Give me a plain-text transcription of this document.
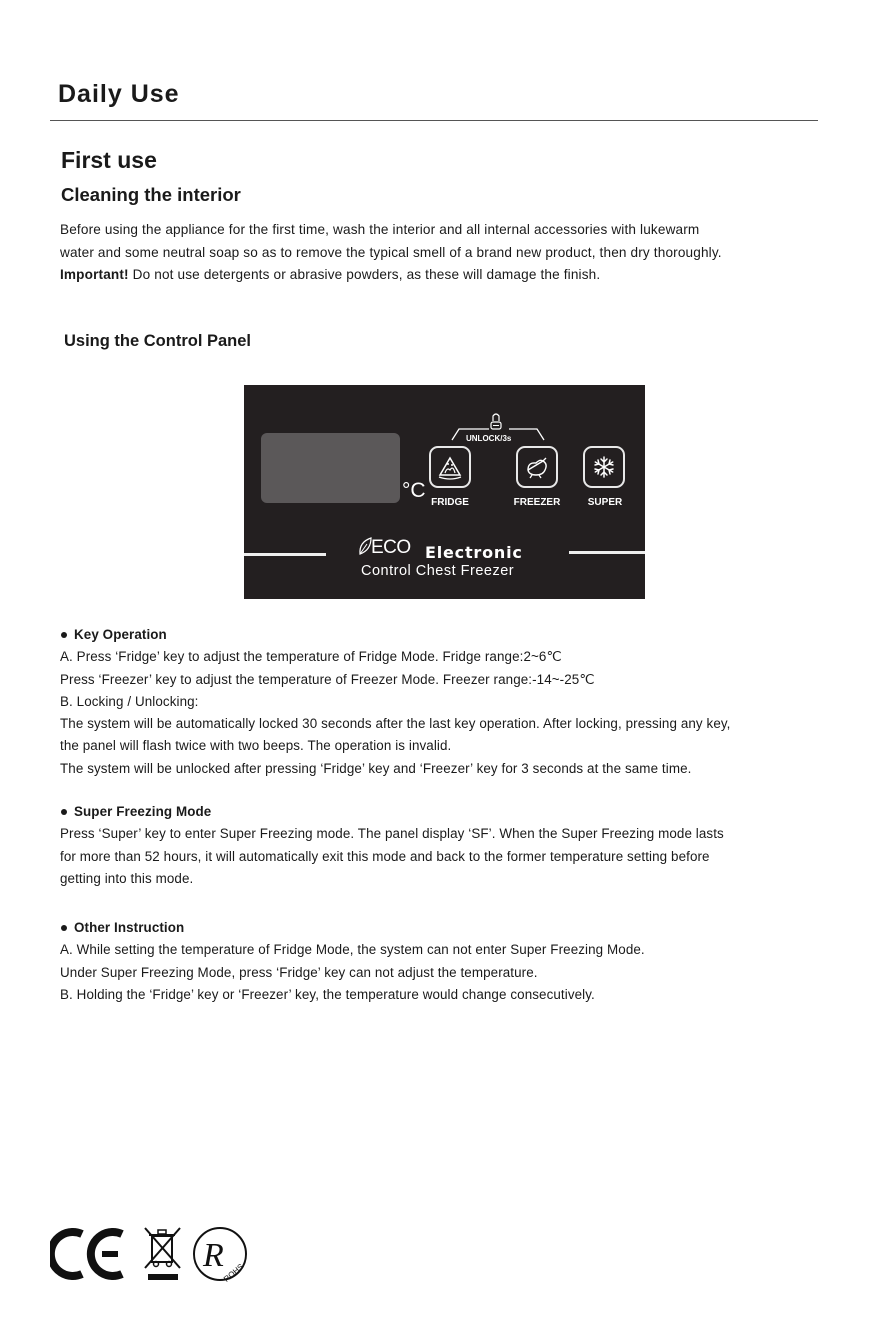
Daily Use
First use
Cleaning the interior
Before using the appliance for the first time, wash the interior and all internal accessories with lukewarm
water and some neutral soap so as to remove the typical smell of a brand new product, then dry thoroughly.
Important! Do not use detergents or abrasive powders, as these will damage the finish.
Using the Control Panel
°C
UNLOCK/3s
FRIDGE	FREEZER	SUPER
ECO Electronic
Control Chest Freezer
Key Operation
A. Press ‘Fridge’ key to adjust the temperature of Fridge Mode. Fridge range:2~6℃
Press ‘Freezer’ key to adjust the temperature of Freezer Mode. Freezer range:-14~-25℃
B. Locking / Unlocking:
The system will be automatically locked 30 seconds after the last key operation. After locking, pressing any key,
the panel will flash twice with two beeps. The operation is invalid.
The system will be unlocked after pressing ‘Fridge’ key and ‘Freezer’ key for 3 seconds at the same time.
Super Freezing Mode
Press ‘Super’ key to enter Super Freezing mode. The panel display ‘SF’. When the Super Freezing mode lasts
for more than 52 hours, it will automatically exit this mode and back to the former temperature setting before
getting into this mode.
Other Instruction
A. While setting the temperature of Fridge Mode, the system can not enter Super Freezing Mode.
Under Super Freezing Mode, press ‘Fridge’ key can not adjust the temperature.
B. Holding the ‘Fridge’ key or ‘Freezer’ key, the temperature would change consecutively.
R
ROHS
